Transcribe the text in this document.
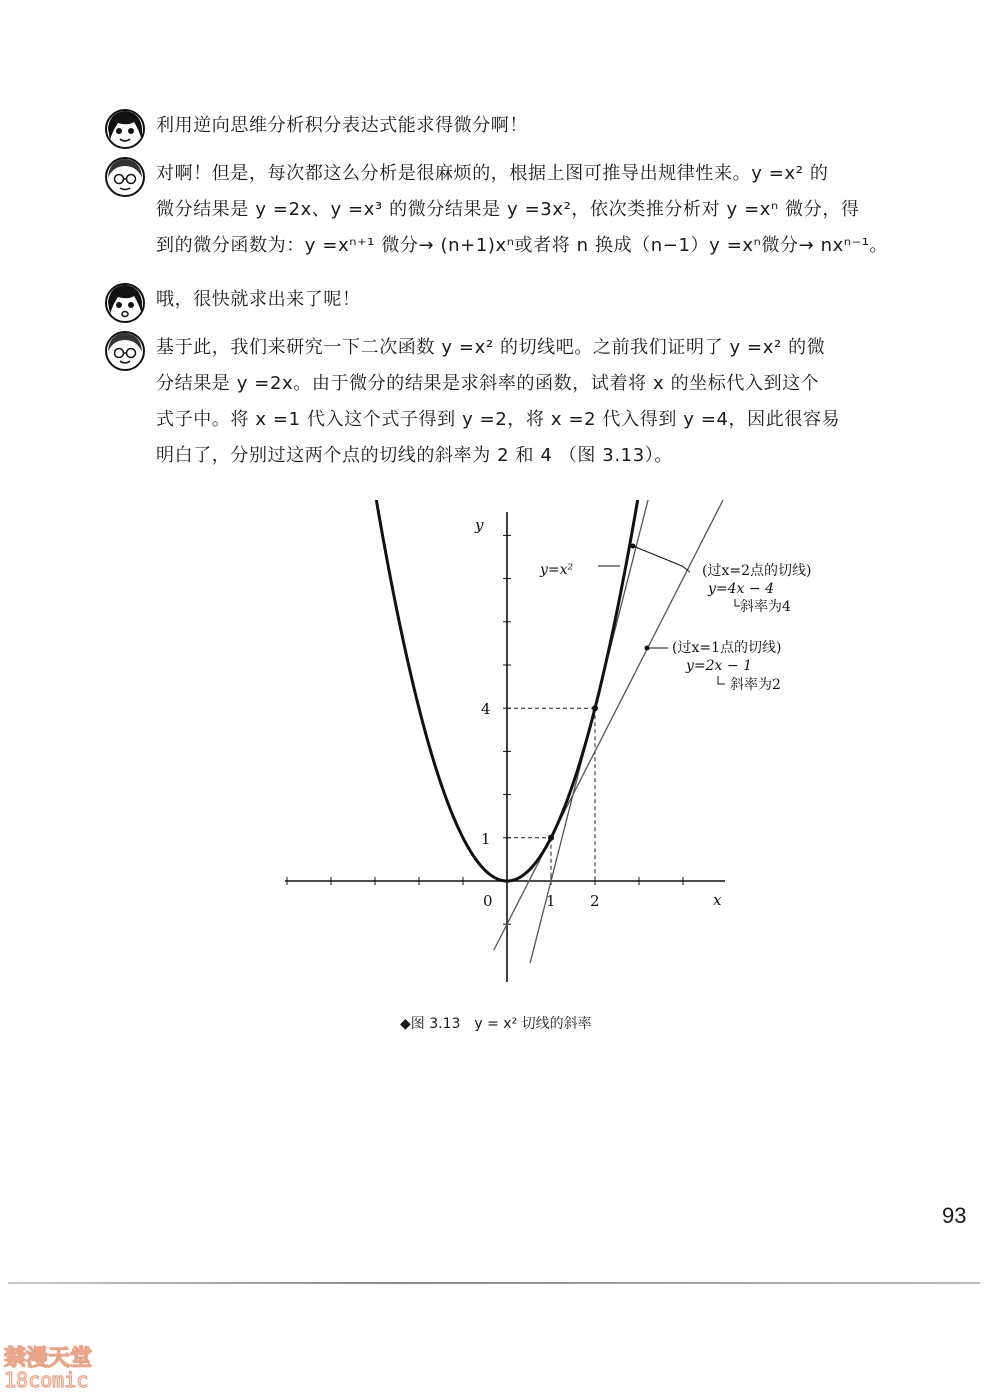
利用逆向思维分析积分表达式能求得微分啊！
对啊！但是，每次都这么分析是很麻烦的，根据上图可推导出规律性来。y =x² 的
微分结果是 y =2x、y =x³ 的微分结果是 y =3x²，依次类推分析对 y =xⁿ 微分，得
到的微分函数为：y =xⁿ⁺¹ 微分→ (n+1)xⁿ或者将 n 换成（n−1）y =xⁿ微分→ nxⁿ⁻¹。
哦，很快就求出来了呢！
基于此，我们来研究一下二次函数 y =x² 的切线吧。之前我们证明了 y =x² 的微
分结果是 y =2x。由于微分的结果是求斜率的函数，试着将 x 的坐标代入到这个
式子中。将 x =1 代入这个式子得到 y =2，将 x =2 代入得到 y =4，因此很容易
明白了，分别过这两个点的切线的斜率为 2 和 4 （图 3.13）。
x
y
0	1 2
1
4
y=x²	(过x=2点的切线)
y=4x − 4
斜率为4
(过x=1点的切线)
y=2x − 1
斜率为2
◆图 3.13　y = x² 切线的斜率
93
禁漫天堂
18comic
